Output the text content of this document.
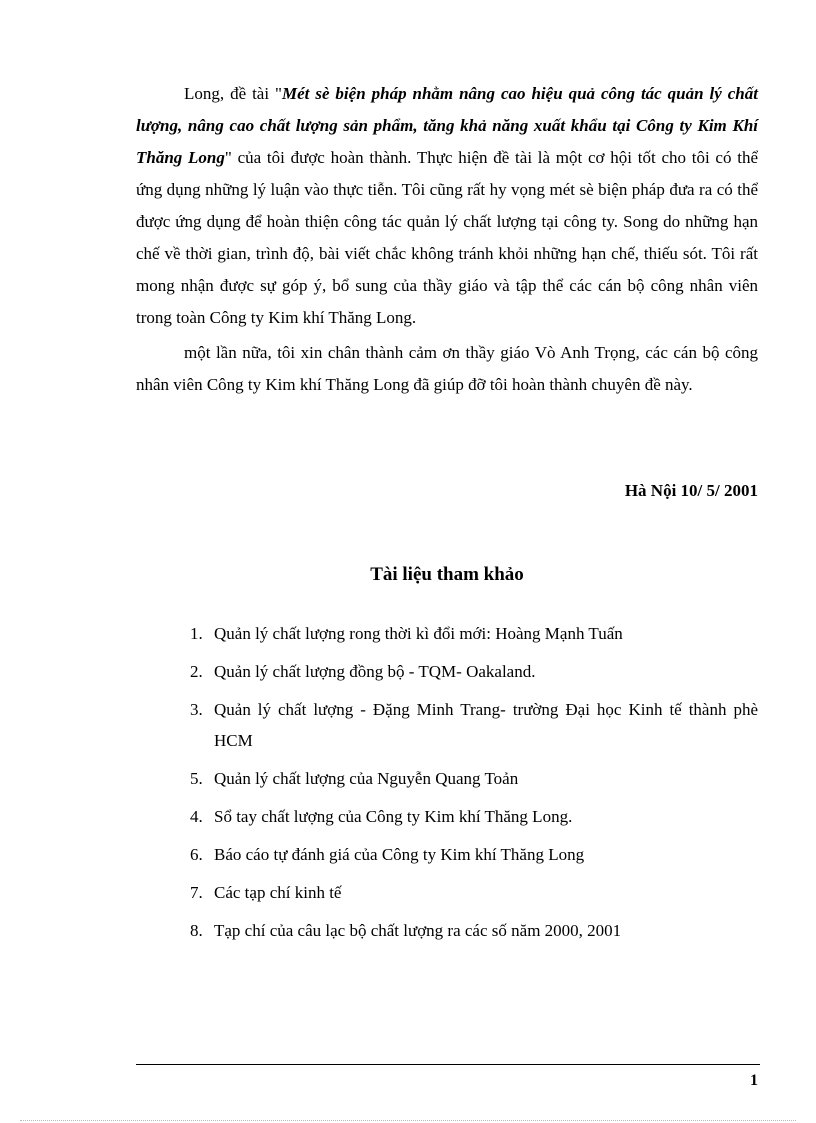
Long, đề tài "Mét sè biện pháp nhằm nâng cao hiệu quả công tác quản lý chất lượng, nâng cao chất lượng sản phẩm, tăng khả năng xuất khẩu tại Công ty Kim Khí Thăng Long" của tôi được hoàn thành. Thực hiện đề tài là một cơ hội tốt cho tôi có thể ứng dụng những lý luận vào thực tiễn. Tôi cũng rất hy vọng mét sè biện pháp đưa ra có thể được ứng dụng để hoàn thiện công tác quản lý chất lượng tại công ty. Song do những hạn chế về thời gian, trình độ, bài viết chắc không tránh khỏi những hạn chế, thiếu sót. Tôi rất mong nhận được sự góp ý, bổ sung của thầy giáo và tập thể các cán bộ công nhân viên trong toàn Công ty Kim khí Thăng Long.

một lần nữa, tôi xin chân thành cảm ơn thầy giáo Vò Anh Trọng, các cán bộ công nhân viên Công ty Kim khí Thăng Long đã giúp đỡ tôi hoàn thành chuyên đề này.

Hà Nội 10/ 5/ 2001
Tài liệu tham khảo
1. Quản lý chất lượng rong thời kì đổi mới: Hoàng Mạnh Tuấn
2. Quản lý chất lượng đồng bộ - TQM- Oakaland.
3. Quản lý chất lượng - Đặng Minh Trang- trường Đại học Kinh tế thành phè HCM
5. Quản lý chất lượng của Nguyễn Quang Toản
4. Sổ tay chất lượng của Công ty Kim khí Thăng Long.
6. Báo cáo tự đánh giá của Công ty Kim khí Thăng Long
7. Các tạp chí kinh tế
8. Tạp chí của câu lạc bộ chất lượng ra các số năm 2000, 2001
1
